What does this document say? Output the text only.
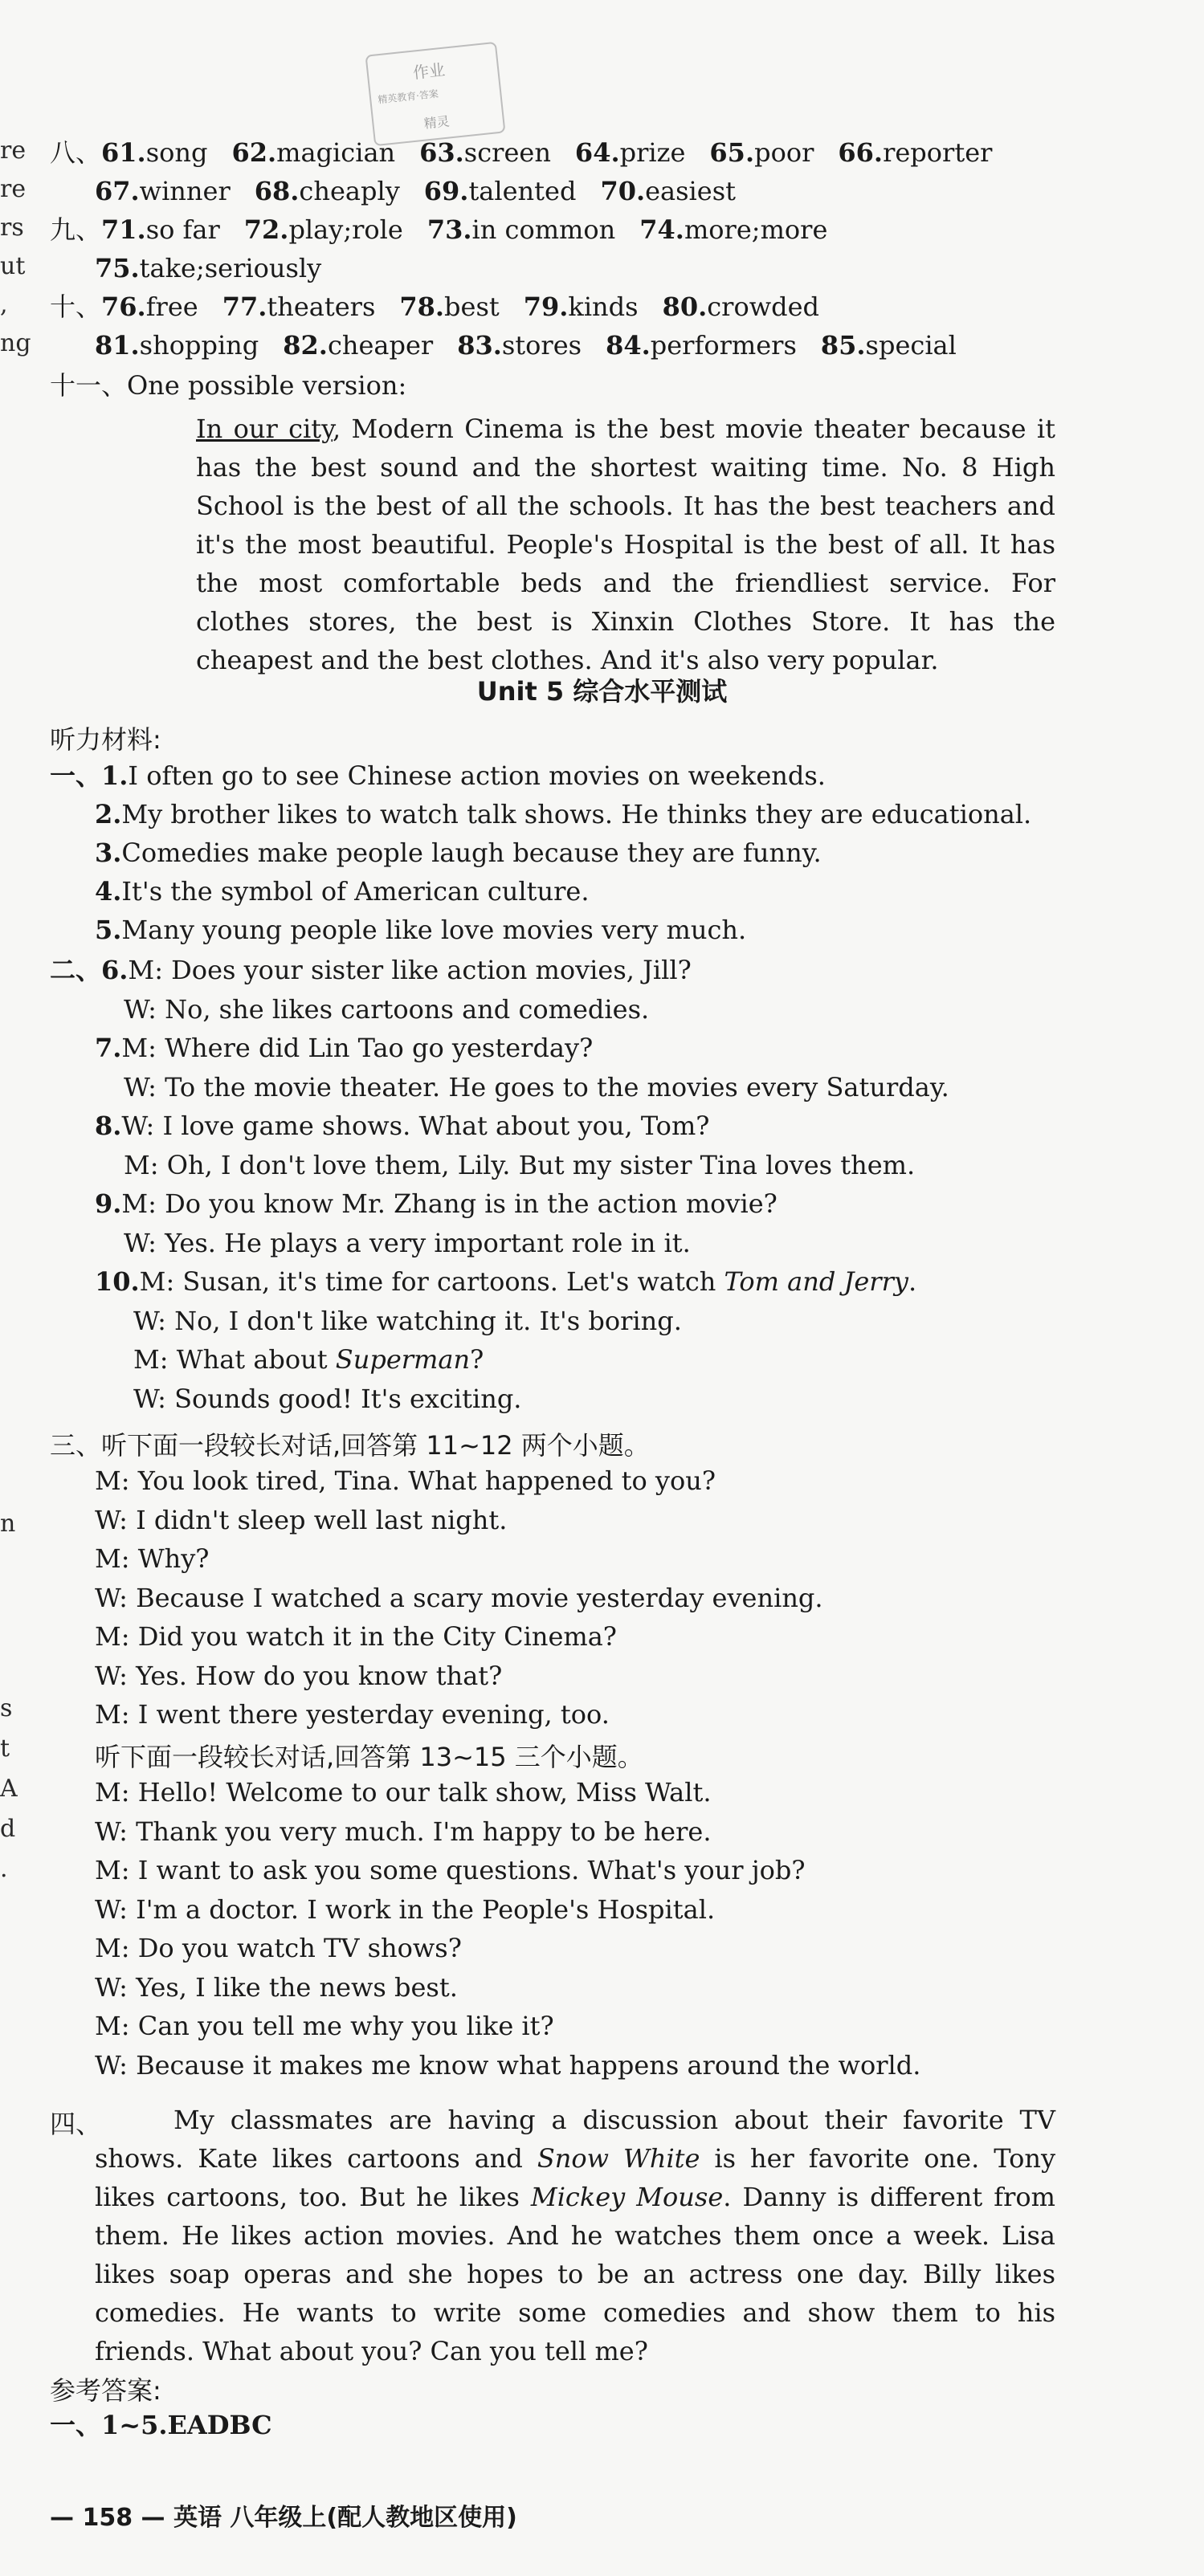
re
re
rs
ut
,
ng
n
s
t
A
d
.
作业
精英教育·答案
精灵
八、61.song 62.magician 63.screen 64.prize 65.poor 66.reporter
67.winner 68.cheaply 69.talented 70.easiest
九、71.so far 72.play;role 73.in common 74.more;more
75.take;seriously
十、76.free 77.theaters 78.best 79.kinds 80.crowded
81.shopping 82.cheaper 83.stores 84.performers 85.special
十一、One possible version:
In our city, Modern Cinema is the best movie theater because it has the best sound and the shortest waiting time. No. 8 High School is the best of all the schools. It has the best teachers and it's the most beautiful. People's Hospital is the best of all. It has the most comfortable beds and the friendliest service. For clothes stores, the best is Xinxin Clothes Store. It has the cheapest and the best clothes. And it's also very popular.
Unit 5 综合水平测试
听力材料:
一、1.I often go to see Chinese action movies on weekends.
2.My brother likes to watch talk shows. He thinks they are educational.
3.Comedies make people laugh because they are funny.
4.It's the symbol of American culture.
5.Many young people like love movies very much.
二、6.M: Does your sister like action movies, Jill?
W: No, she likes cartoons and comedies.
7.M: Where did Lin Tao go yesterday?
W: To the movie theater. He goes to the movies every Saturday.
8.W: I love game shows. What about you, Tom?
M: Oh, I don't love them, Lily. But my sister Tina loves them.
9.M: Do you know Mr. Zhang is in the action movie?
W: Yes. He plays a very important role in it.
10.M: Susan, it's time for cartoons. Let's watch Tom and Jerry.
W: No, I don't like watching it. It's boring.
M: What about Superman?
W: Sounds good! It's exciting.
三、听下面一段较长对话,回答第 11~12 两个小题。
M: You look tired, Tina. What happened to you?
W: I didn't sleep well last night.
M: Why?
W: Because I watched a scary movie yesterday evening.
M: Did you watch it in the City Cinema?
W: Yes. How do you know that?
M: I went there yesterday evening, too.
听下面一段较长对话,回答第 13~15 三个小题。
M: Hello! Welcome to our talk show, Miss Walt.
W: Thank you very much. I'm happy to be here.
M: I want to ask you some questions. What's your job?
W: I'm a doctor. I work in the People's Hospital.
M: Do you watch TV shows?
W: Yes, I like the news best.
M: Can you tell me why you like it?
W: Because it makes me know what happens around the world.
四、	My classmates are having a discussion about their favorite TV shows. Kate likes cartoons and Snow White is her favorite one. Tony likes cartoons, too. But he likes Mickey Mouse. Danny is different from them. He likes action movies. And he watches them once a week. Lisa likes soap operas and she hopes to be an actress one day. Billy likes comedies. He wants to write some comedies and show them to his friends. What about you? Can you tell me?
参考答案:
一、1~5.EADBC
— 158 — 英语 八年级上(配人教地区使用)
